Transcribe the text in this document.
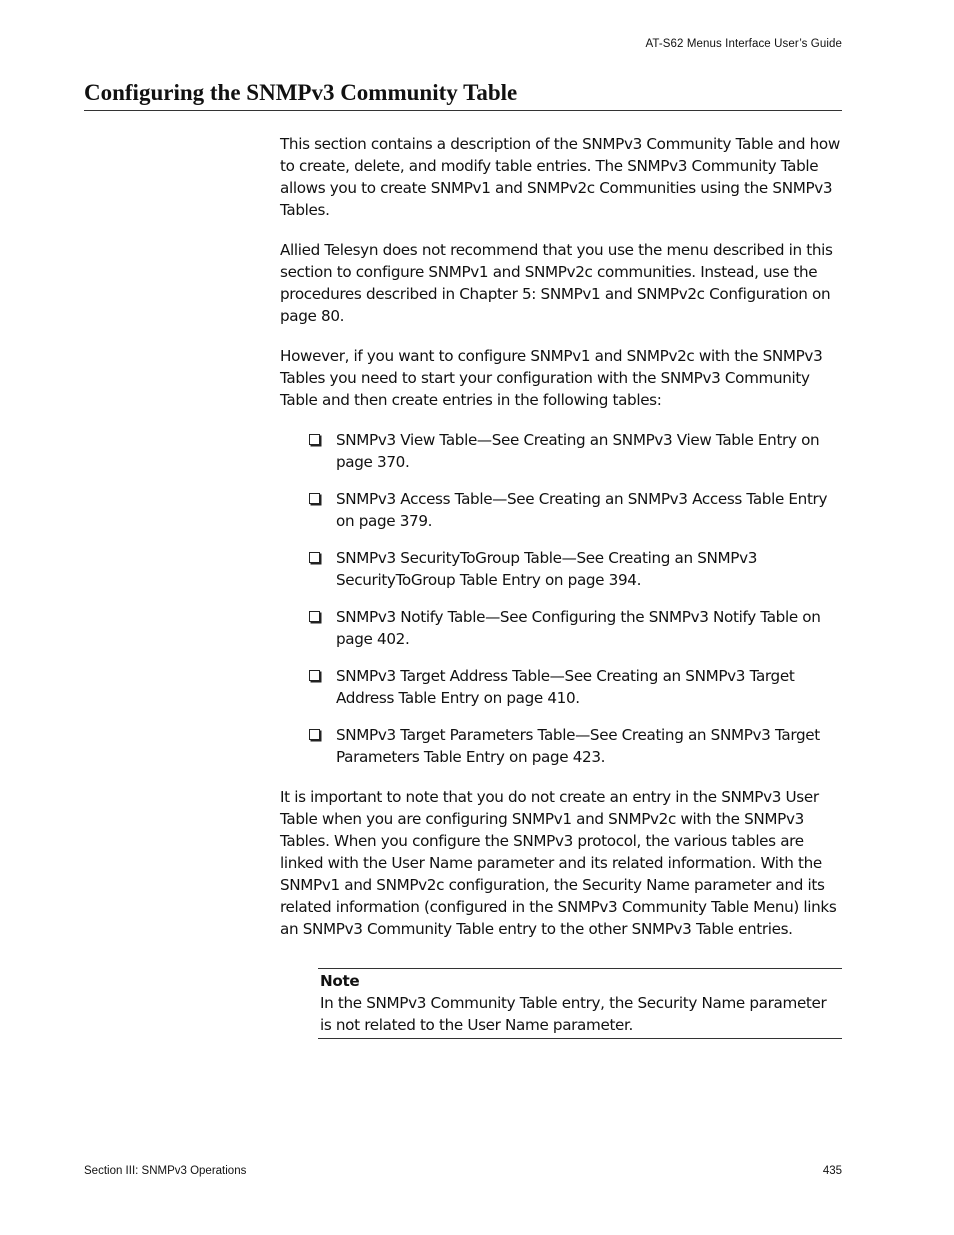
AT-S62 Menus Interface User’s Guide
Configuring the SNMPv3 Community Table

This section contains a description of the SNMPv3 Community Table and how to create, delete, and modify table entries. The SNMPv3 Community Table allows you to create SNMPv1 and SNMPv2c Communities using the SNMPv3 Tables.

Allied Telesyn does not recommend that you use the menu described in this section to configure SNMPv1 and SNMPv2c communities. Instead, use the procedures described in Chapter 5: SNMPv1 and SNMPv2c Configuration on page 80.

However, if you want to configure SNMPv1 and SNMPv2c with the SNMPv3 Tables you need to start your configuration with the SNMPv3 Community Table and then create entries in the following tables:

SNMPv3 View Table—See Creating an SNMPv3 View Table Entry on page 370.
SNMPv3 Access Table—See Creating an SNMPv3 Access Table Entry on page 379.
SNMPv3 SecurityToGroup Table—See Creating an SNMPv3 SecurityToGroup Table Entry on page 394.
SNMPv3 Notify Table—See Configuring the SNMPv3 Notify Table on page 402.
SNMPv3 Target Address Table—See Creating an SNMPv3 Target Address Table Entry on page 410.
SNMPv3 Target Parameters Table—See Creating an SNMPv3 Target Parameters Table Entry on page 423.

It is important to note that you do not create an entry in the SNMPv3 User Table when you are configuring SNMPv1 and SNMPv2c with the SNMPv3 Tables. When you configure the SNMPv3 protocol, the various tables are linked with the User Name parameter and its related information. With the SNMPv1 and SNMPv2c configuration, the Security Name parameter and its related information (configured in the SNMPv3 Community Table Menu) links an SNMPv3 Community Table entry to the other SNMPv3 Table entries.

Note
In the SNMPv3 Community Table entry, the Security Name parameter is not related to the User Name parameter.
Section III: SNMPv3 Operations	435
